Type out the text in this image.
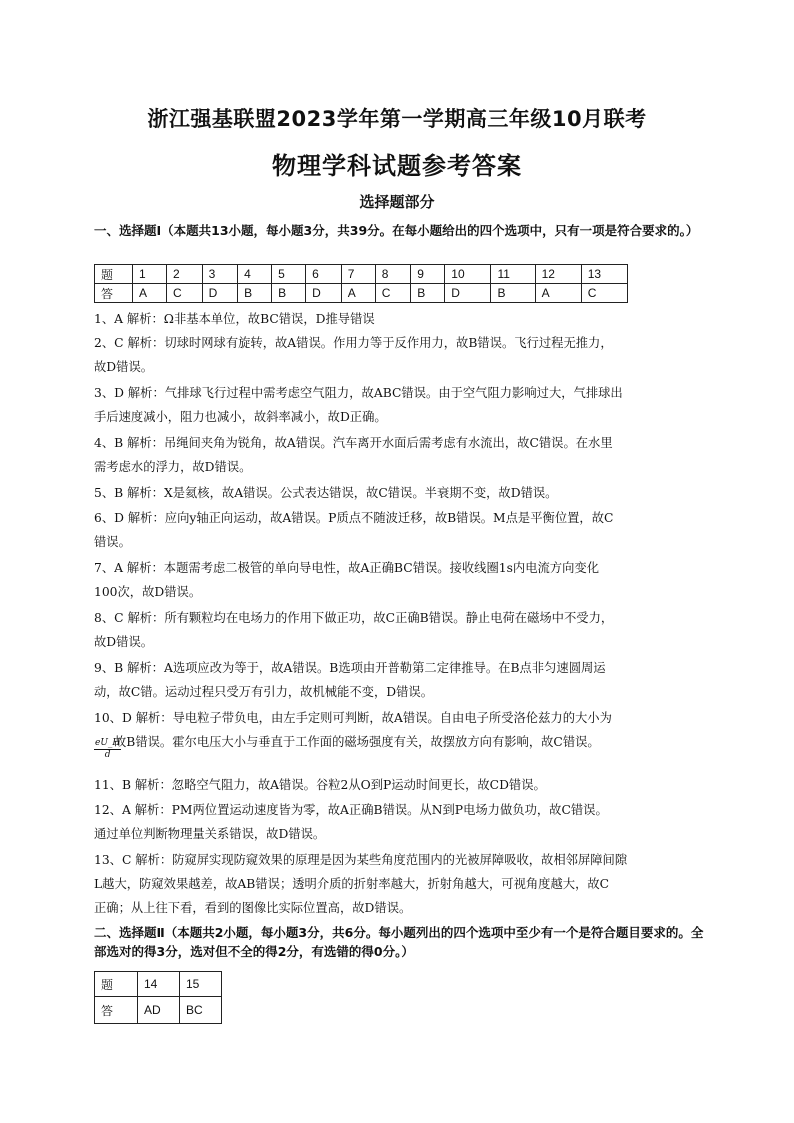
浙江强基联盟2023学年第一学期高三年级10月联考
物理学科试题参考答案
选择题部分
一、选择题Ⅰ（本题共13小题，每小题3分，共39分。在每小题给出的四个选项中，只有一项是符合要求的。）
题	1	2	3	4	5	6	7	8	9	10	11	12	13
答	A	C	D	B	B	D	A	C	B	D	B	A	C

1、A 解析：Ω非基本单位，故BC错误，D推导错误

2、C 解析：切球时网球有旋转，故A错误。作用力等于反作用力，故B错误。飞行过程无推力，

故D错误。

3、D 解析：气排球飞行过程中需考虑空气阻力，故ABC错误。由于空气阻力影响过大，气排球出

手后速度减小，阻力也减小，故斜率减小，故D正确。

4、B 解析：吊绳间夹角为锐角，故A错误。汽车离开水面后需考虑有水流出，故C错误。在水里

需考虑水的浮力，故D错误。

5、B 解析：X是氦核，故A错误。公式表达错误，故C错误。半衰期不变，故D错误。

6、D 解析：应向y轴正向运动，故A错误。P质点不随波迁移，故B错误。M点是平衡位置，故C

错误。

7、A 解析：本题需考虑二极管的单向导电性，故A正确BC错误。接收线圈1s内电流方向变化

100次，故D错误。

8、C 解析：所有颗粒均在电场力的作用下做正功，故C正确B错误。静止电荷在磁场中不受力，

故D错误。

9、B 解析：A选项应改为等于，故A错误。B选项由开普勒第二定律推导。在B点非匀速圆周运

动，故C错。运动过程只受万有引力，故机械能不变，D错误。

10、D 解析：导电粒子带负电，由左手定则可判断，故A错误。自由电子所受洛伦兹力的大小为

故B错误。霍尔电压大小与垂直于工作面的磁场强度有关，故摆放方向有影响，故C错误。

$\frac{eU\_H}{d}$

11、B 解析：忽略空气阻力，故A错误。谷粒2从O到P运动时间更长，故CD错误。

12、A 解析：PM两位置运动速度皆为零，故A正确B错误。从N到P电场力做负功，故C错误。

通过单位判断物理量关系错误，故D错误。

13、C 解析：防窥屏实现防窥效果的原理是因为某些角度范围内的光被屏障吸收，故相邻屏障间隙

L越大，防窥效果越差，故AB错误；透明介质的折射率越大，折射角越大，可视角度越大，故C

正确；从上往下看，看到的图像比实际位置高，故D错误。

二、选择题Ⅱ（本题共2小题，每小题3分，共6分。每小题列出的四个选项中至少有一个是符合题目要求的。全部选对的得3分，选对但不全的得2分，有选错的得0分。）
题	14	15
答	AD	BC
